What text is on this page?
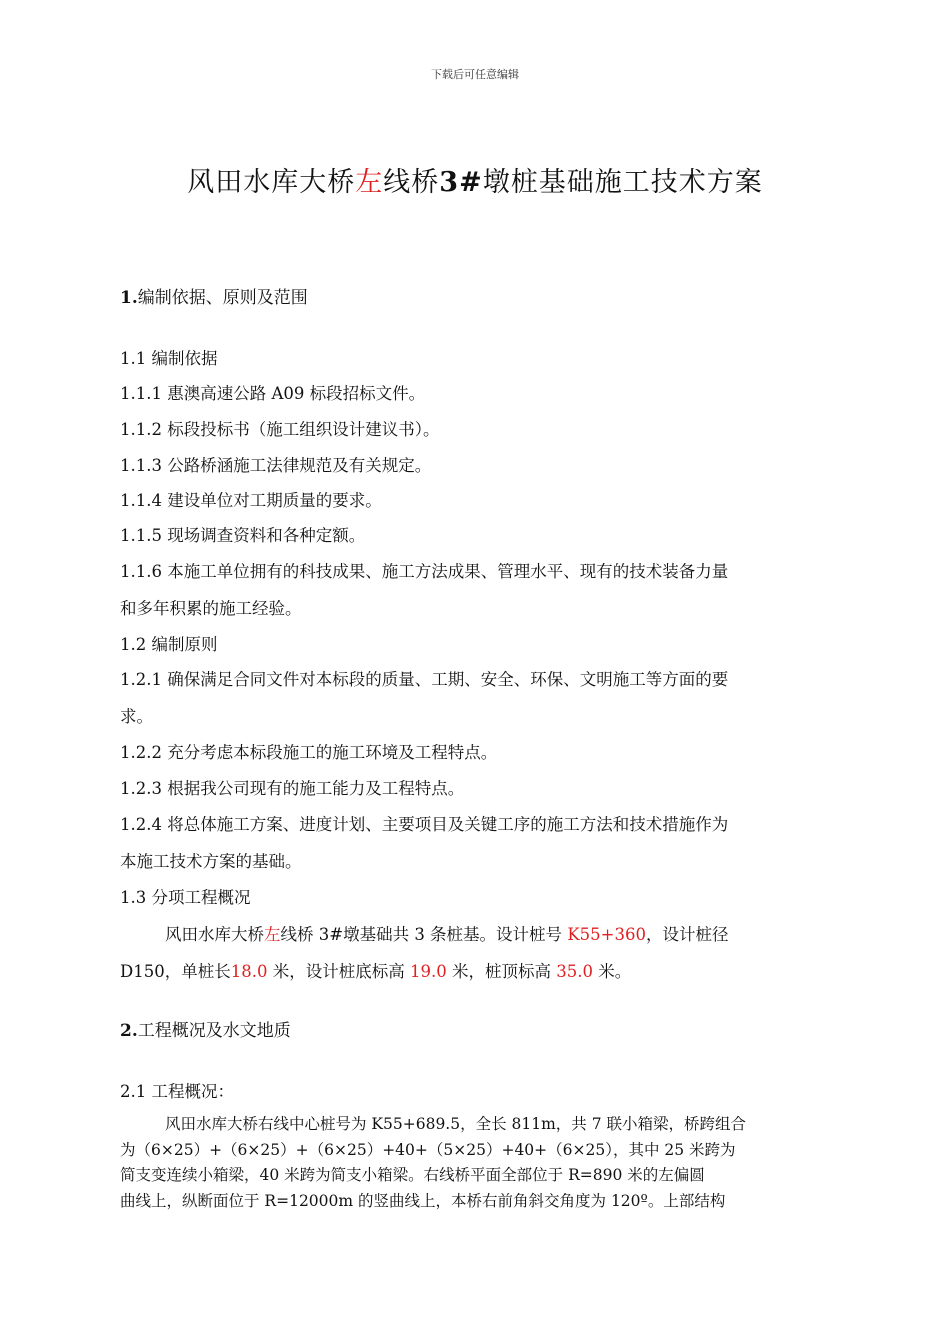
下载后可任意编辑
风田水库大桥左线桥3#墩桩基础施工技术方案
1.编制依据、原则及范围
1.1 编制依据
1.1.1 惠澳高速公路 A09 标段招标文件。
1.1.2 标段投标书（施工组织设计建议书）。
1.1.3 公路桥涵施工法律规范及有关规定。
1.1.4 建设单位对工期质量的要求。
1.1.5 现场调查资料和各种定额。
1.1.6 本施工单位拥有的科技成果、施工方法成果、管理水平、现有的技术装备力量
和多年积累的施工经验。
1.2 编制原则
1.2.1 确保满足合同文件对本标段的质量、工期、安全、环保、文明施工等方面的要
求。
1.2.2 充分考虑本标段施工的施工环境及工程特点。
1.2.3 根据我公司现有的施工能力及工程特点。
1.2.4 将总体施工方案、进度计划、主要项目及关键工序的施工方法和技术措施作为
本施工技术方案的基础。
1.3 分项工程概况
风田水库大桥左线桥 3#墩基础共 3 条桩基。设计桩号 K55+360，设计桩径
D150，单桩长18.0 米，设计桩底标高 19.0 米，桩顶标高 35.0 米。
2.工程概况及水文地质
2.1 工程概况：
风田水库大桥右线中心桩号为 K55+689.5，全长 811m，共 7 联小箱梁，桥跨组合
为（6×25）+（6×25）+（6×25）+40+（5×25）+40+（6×25），其中 25 米跨为
简支变连续小箱梁，40 米跨为简支小箱梁。右线桥平面全部位于 R=890 米的左偏圆
曲线上，纵断面位于 R=12000m 的竖曲线上，本桥右前角斜交角度为 120º。上部结构
